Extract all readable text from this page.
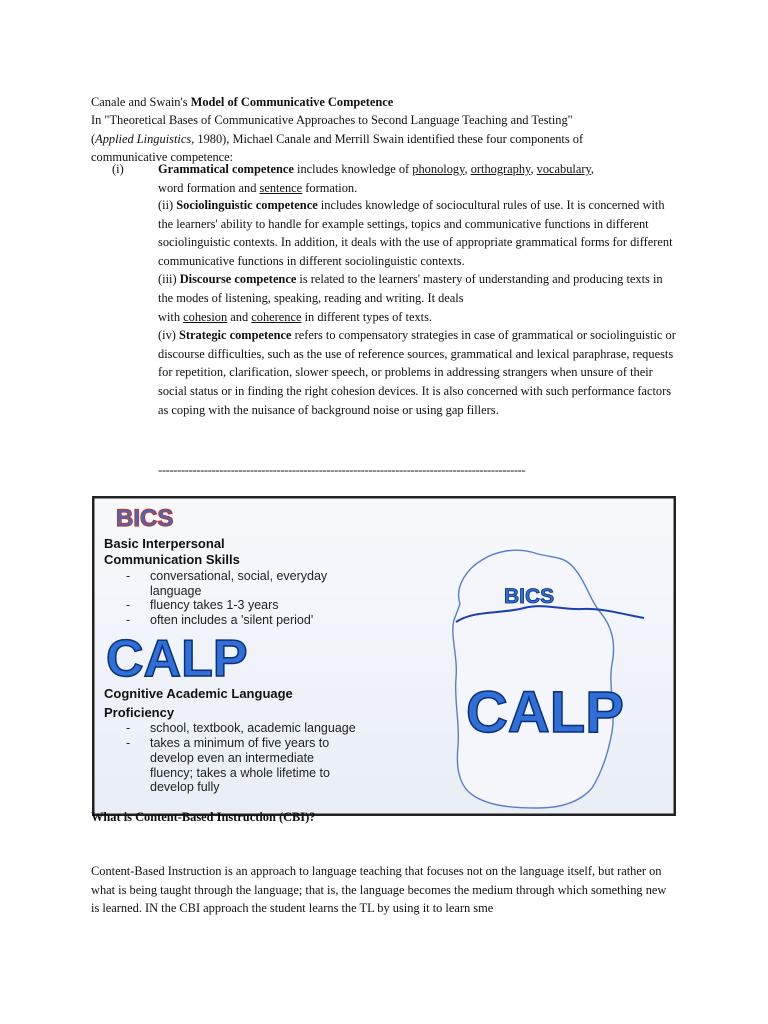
Canale and Swain's Model of Communicative Competence
In "Theoretical Bases of Communicative Approaches to Second Language Teaching and Testing"
(Applied Linguistics, 1980), Michael Canale and Merrill Swain identified these four components of
communicative competence:
(i)	Grammatical competence includes knowledge of phonology, orthography, vocabulary,
word formation and sentence formation.

(ii) Sociolinguistic competence includes knowledge of sociocultural rules of use. It is concerned with the learners' ability to handle for example settings, topics and communicative functions in different sociolinguistic contexts. In addition, it deals with the use of appropriate grammatical forms for different communicative functions in different sociolinguistic contexts.

(iii) Discourse competence is related to the learners' mastery of understanding and producing texts in the modes of listening, speaking, reading and writing. It deals
with cohesion and coherence in different types of texts.

(iv) Strategic competence refers to compensatory strategies in case of grammatical or sociolinguistic or discourse difficulties, such as the use of reference sources, grammatical and lexical paraphrase, requests for repetition, clarification, slower speech, or problems in addressing strangers when unsure of their social status or in finding the right cohesion devices. It is also concerned with such performance factors as coping with the nuisance of background noise or using gap fillers.

------------------------------------------------------------------------------------------------
BICS
Basic Interpersonal
Communication Skills
- conversational, social, everyday
language
- fluency takes 1-3 years
- often includes a 'silent period'
CALP
Cognitive Academic Language
Proficiency
- school, textbook, academic language
- takes a minimum of five years to
develop even an intermediate
fluency; takes a whole lifetime to
develop fully
BICS
CALP
What is Content-Based Instruction (CBI)?
Content-Based Instruction is an approach to language teaching that focuses not on the language itself, but rather on what is being taught through the language; that is, the language becomes the medium through which something new is learned. IN the CBI approach the student learns the TL by using it to learn sme
